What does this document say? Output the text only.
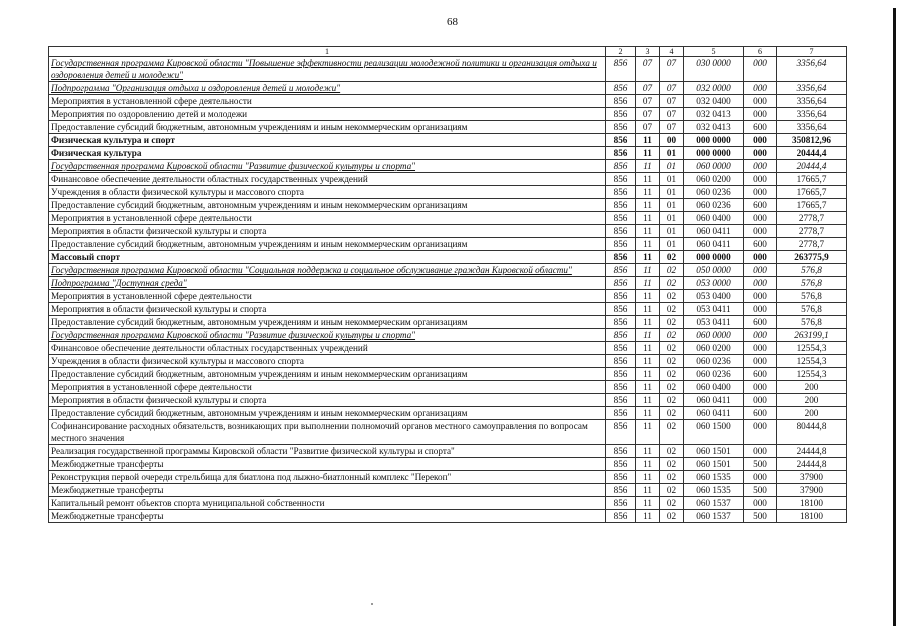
68
1	2	3	4	5	6	7
Государственная программа Кировской области "Повышение эффективности реализации молодежной политики и организация отдыха и оздоровления детей и молодежи"	856	07	07	030 0000	000	3356,64
Подпрограмма "Организация отдыха и оздоровления детей и молодежи"	856	07	07	032 0000	000	3356,64
Мероприятия в установленной сфере деятельности	856	07	07	032 0400	000	3356,64
Мероприятия по оздоровлению детей и молодежи	856	07	07	032 0413	000	3356,64
Предоставление субсидий бюджетным, автономным учреждениям и иным некоммерческим организациям	856	07	07	032 0413	600	3356,64
Физическая культура и спорт	856	11	00	000 0000	000	350812,96
Физическая культура	856	11	01	000 0000	000	20444,4
Государственная программа Кировской области "Развитие физической культуры и спорта"	856	11	01	060 0000	000	20444,4
Финансовое обеспечение деятельности областных государственных учреждений	856	11	01	060 0200	000	17665,7
Учреждения в области физической культуры и массового спорта	856	11	01	060 0236	000	17665,7
Предоставление субсидий бюджетным, автономным учреждениям и иным некоммерческим организациям	856	11	01	060 0236	600	17665,7
Мероприятия в установленной сфере деятельности	856	11	01	060 0400	000	2778,7
Мероприятия в области физической культуры и спорта	856	11	01	060 0411	000	2778,7
Предоставление субсидий бюджетным, автономным учреждениям и иным некоммерческим организациям	856	11	01	060 0411	600	2778,7
Массовый спорт	856	11	02	000 0000	000	263775,9
Государственная программа Кировской области "Социальная поддержка и социальное обслуживание граждан Кировской области"	856	11	02	050 0000	000	576,8
Подпрограмма "Доступная среда"	856	11	02	053 0000	000	576,8
Мероприятия в установленной сфере деятельности	856	11	02	053 0400	000	576,8
Мероприятия в области физической культуры и спорта	856	11	02	053 0411	000	576,8
Предоставление субсидий бюджетным, автономным учреждениям и иным некоммерческим организациям	856	11	02	053 0411	600	576,8
Государственная программа Кировской области "Развитие физической культуры и спорта"	856	11	02	060 0000	000	263199,1
Финансовое обеспечение деятельности областных государственных учреждений	856	11	02	060 0200	000	12554,3
Учреждения в области физической культуры и массового спорта	856	11	02	060 0236	000	12554,3
Предоставление субсидий бюджетным, автономным учреждениям и иным некоммерческим организациям	856	11	02	060 0236	600	12554,3
Мероприятия в установленной сфере деятельности	856	11	02	060 0400	000	200
Мероприятия в области физической культуры и спорта	856	11	02	060 0411	000	200
Предоставление субсидий бюджетным, автономным учреждениям и иным некоммерческим организациям	856	11	02	060 0411	600	200
Софинансирование расходных обязательств, возникающих при выполнении полномочий органов местного самоуправления по вопросам местного значения	856	11	02	060 1500	000	80444,8
Реализация государственной программы Кировской области "Развитие физической культуры и спорта"	856	11	02	060 1501	000	24444,8
Межбюджетные трансферты	856	11	02	060 1501	500	24444,8
Реконструкция первой очереди стрельбища для биатлона под лыжно-биатлонный комплекс "Перекоп"	856	11	02	060 1535	000	37900
Межбюджетные трансферты	856	11	02	060 1535	500	37900
Капитальный ремонт объектов спорта муниципальной собственности	856	11	02	060 1537	000	18100
Межбюджетные трансферты	856	11	02	060 1537	500	18100
